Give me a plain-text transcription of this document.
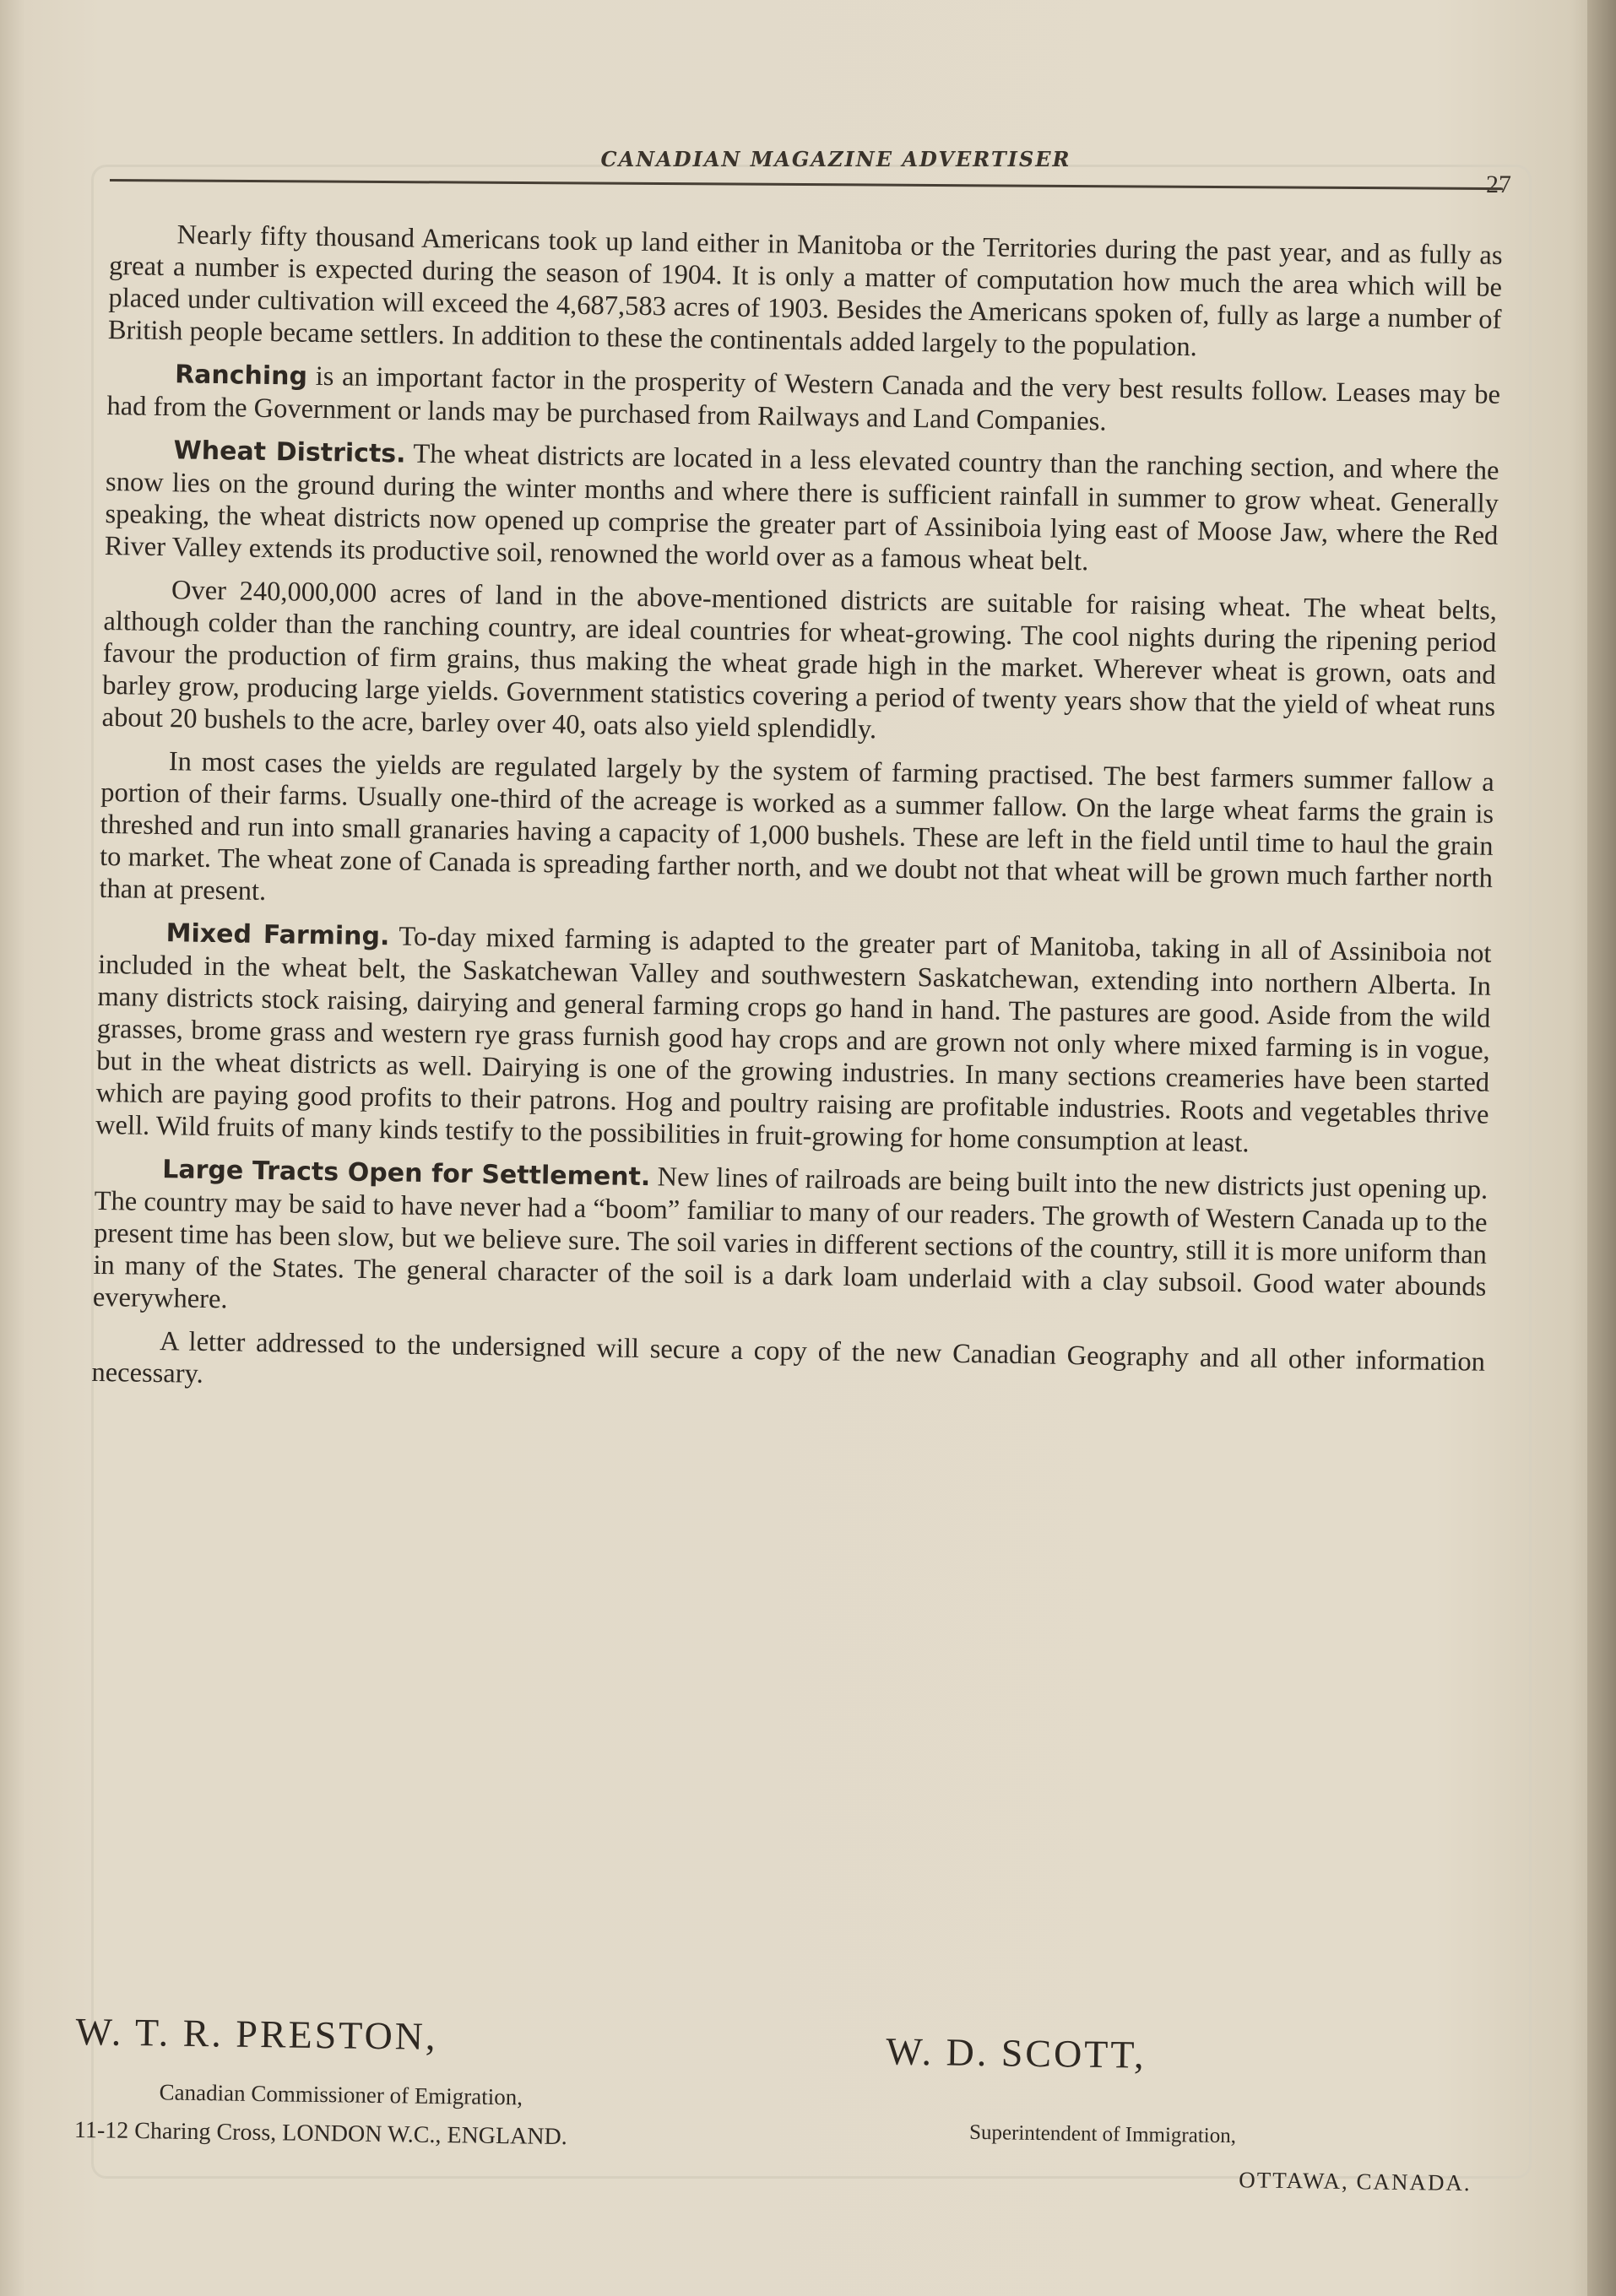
CANADIAN MAGAZINE ADVERTISER
27

Nearly fifty thousand Americans took up land either in Manitoba or the Territories during the past year, and as fully as great a number is expected during the season of 1904. It is only a matter of computation how much the area which will be placed under cultivation will exceed the 4,687,583 acres of 1903. Besides the Americans spoken of, fully as large a number of British people became settlers. In addition to these the continentals added largely to the population.

Ranching is an important factor in the prosperity of Western Canada and the very best results follow. Leases may be had from the Government or lands may be purchased from Railways and Land Companies.

Wheat Districts. The wheat districts are located in a less elevated country than the ranching section, and where the snow lies on the ground during the winter months and where there is sufficient rainfall in summer to grow wheat. Generally speaking, the wheat districts now opened up comprise the greater part of Assiniboia lying east of Moose Jaw, where the Red River Valley extends its productive soil, renowned the world over as a famous wheat belt.

Over 240,000,000 acres of land in the above-mentioned districts are suitable for raising wheat. The wheat belts, although colder than the ranching country, are ideal countries for wheat-growing. The cool nights during the ripening period favour the production of firm grains, thus making the wheat grade high in the market. Wherever wheat is grown, oats and barley grow, producing large yields. Government statistics covering a period of twenty years show that the yield of wheat runs about 20 bushels to the acre, barley over 40, oats also yield splendidly.

In most cases the yields are regulated largely by the system of farming practised. The best farmers summer fallow a portion of their farms. Usually one-third of the acreage is worked as a summer fallow. On the large wheat farms the grain is threshed and run into small granaries having a capacity of 1,000 bushels. These are left in the field until time to haul the grain to market. The wheat zone of Canada is spreading farther north, and we doubt not that wheat will be grown much farther north than at present.

Mixed Farming. To-day mixed farming is adapted to the greater part of Manitoba, taking in all of Assiniboia not included in the wheat belt, the Saskatchewan Valley and southwestern Saskatchewan, extending into northern Alberta. In many districts stock raising, dairying and general farming crops go hand in hand. The pastures are good. Aside from the wild grasses, brome grass and western rye grass furnish good hay crops and are grown not only where mixed farming is in vogue, but in the wheat districts as well. Dairying is one of the growing industries. In many sections creameries have been started which are paying good profits to their patrons. Hog and poultry raising are profitable industries. Roots and vegetables thrive well. Wild fruits of many kinds testify to the possibilities in fruit-growing for home consumption at least.

Large Tracts Open for Settlement. New lines of railroads are being built into the new districts just opening up. The country may be said to have never had a “boom” familiar to many of our readers. The growth of Western Canada up to the present time has been slow, but we believe sure. The soil varies in different sections of the country, still it is more uniform than in many of the States. The general character of the soil is a dark loam underlaid with a clay subsoil. Good water abounds everywhere.

A letter addressed to the undersigned will secure a copy of the new Canadian Geography and all other information necessary.

W. T. R. PRESTON,
Canadian Commissioner of Emigration,
11-12 Charing Cross, LONDON W.C., ENGLAND.
W. D. SCOTT,
Superintendent of Immigration,
OTTAWA, CANADA.
